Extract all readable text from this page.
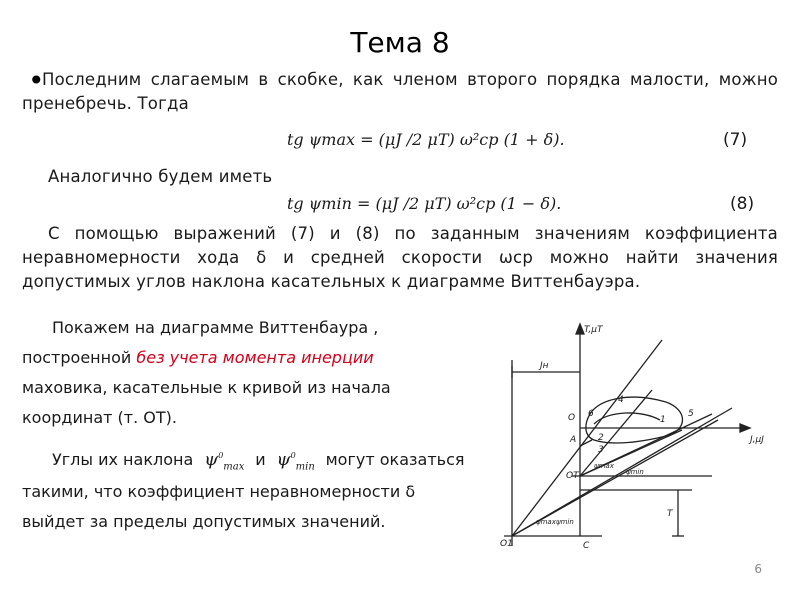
Тема 8
•
Последним слагаемым в скобке, как членом второго порядка малости, можно пренебречь. Тогда
tg ψmax = (μJ /2 μT) ω²ср (1 + δ).	(7)
Аналогично будем иметь
tg ψmin = (μJ /2 μT) ω²ср (1 − δ).	(8)
С помощью выражений (7) и (8) по заданным значениям коэффициента неравномерности хода δ и средней скорости ωср можно найти значения допустимых углов наклона касательных к диаграмме Виттенбауэра.
Покажем на диаграмме Виттенбаура ,
построенной без учета момента инерции
маховика, касательные к кривой из начала
координат (т. OT).
Углы их наклона  $\psi^0_{max}$ и  $\psi^0_{min}$ могут оказаться
такими, что коэффициент неравномерности δ
выйдет за пределы допустимых значений.
T,μT
J,μJ
Jн
T
O1
O
OT
A
C
1
2
3
4
5
6
ψmax ψmin
ψmax
ψmin
6
